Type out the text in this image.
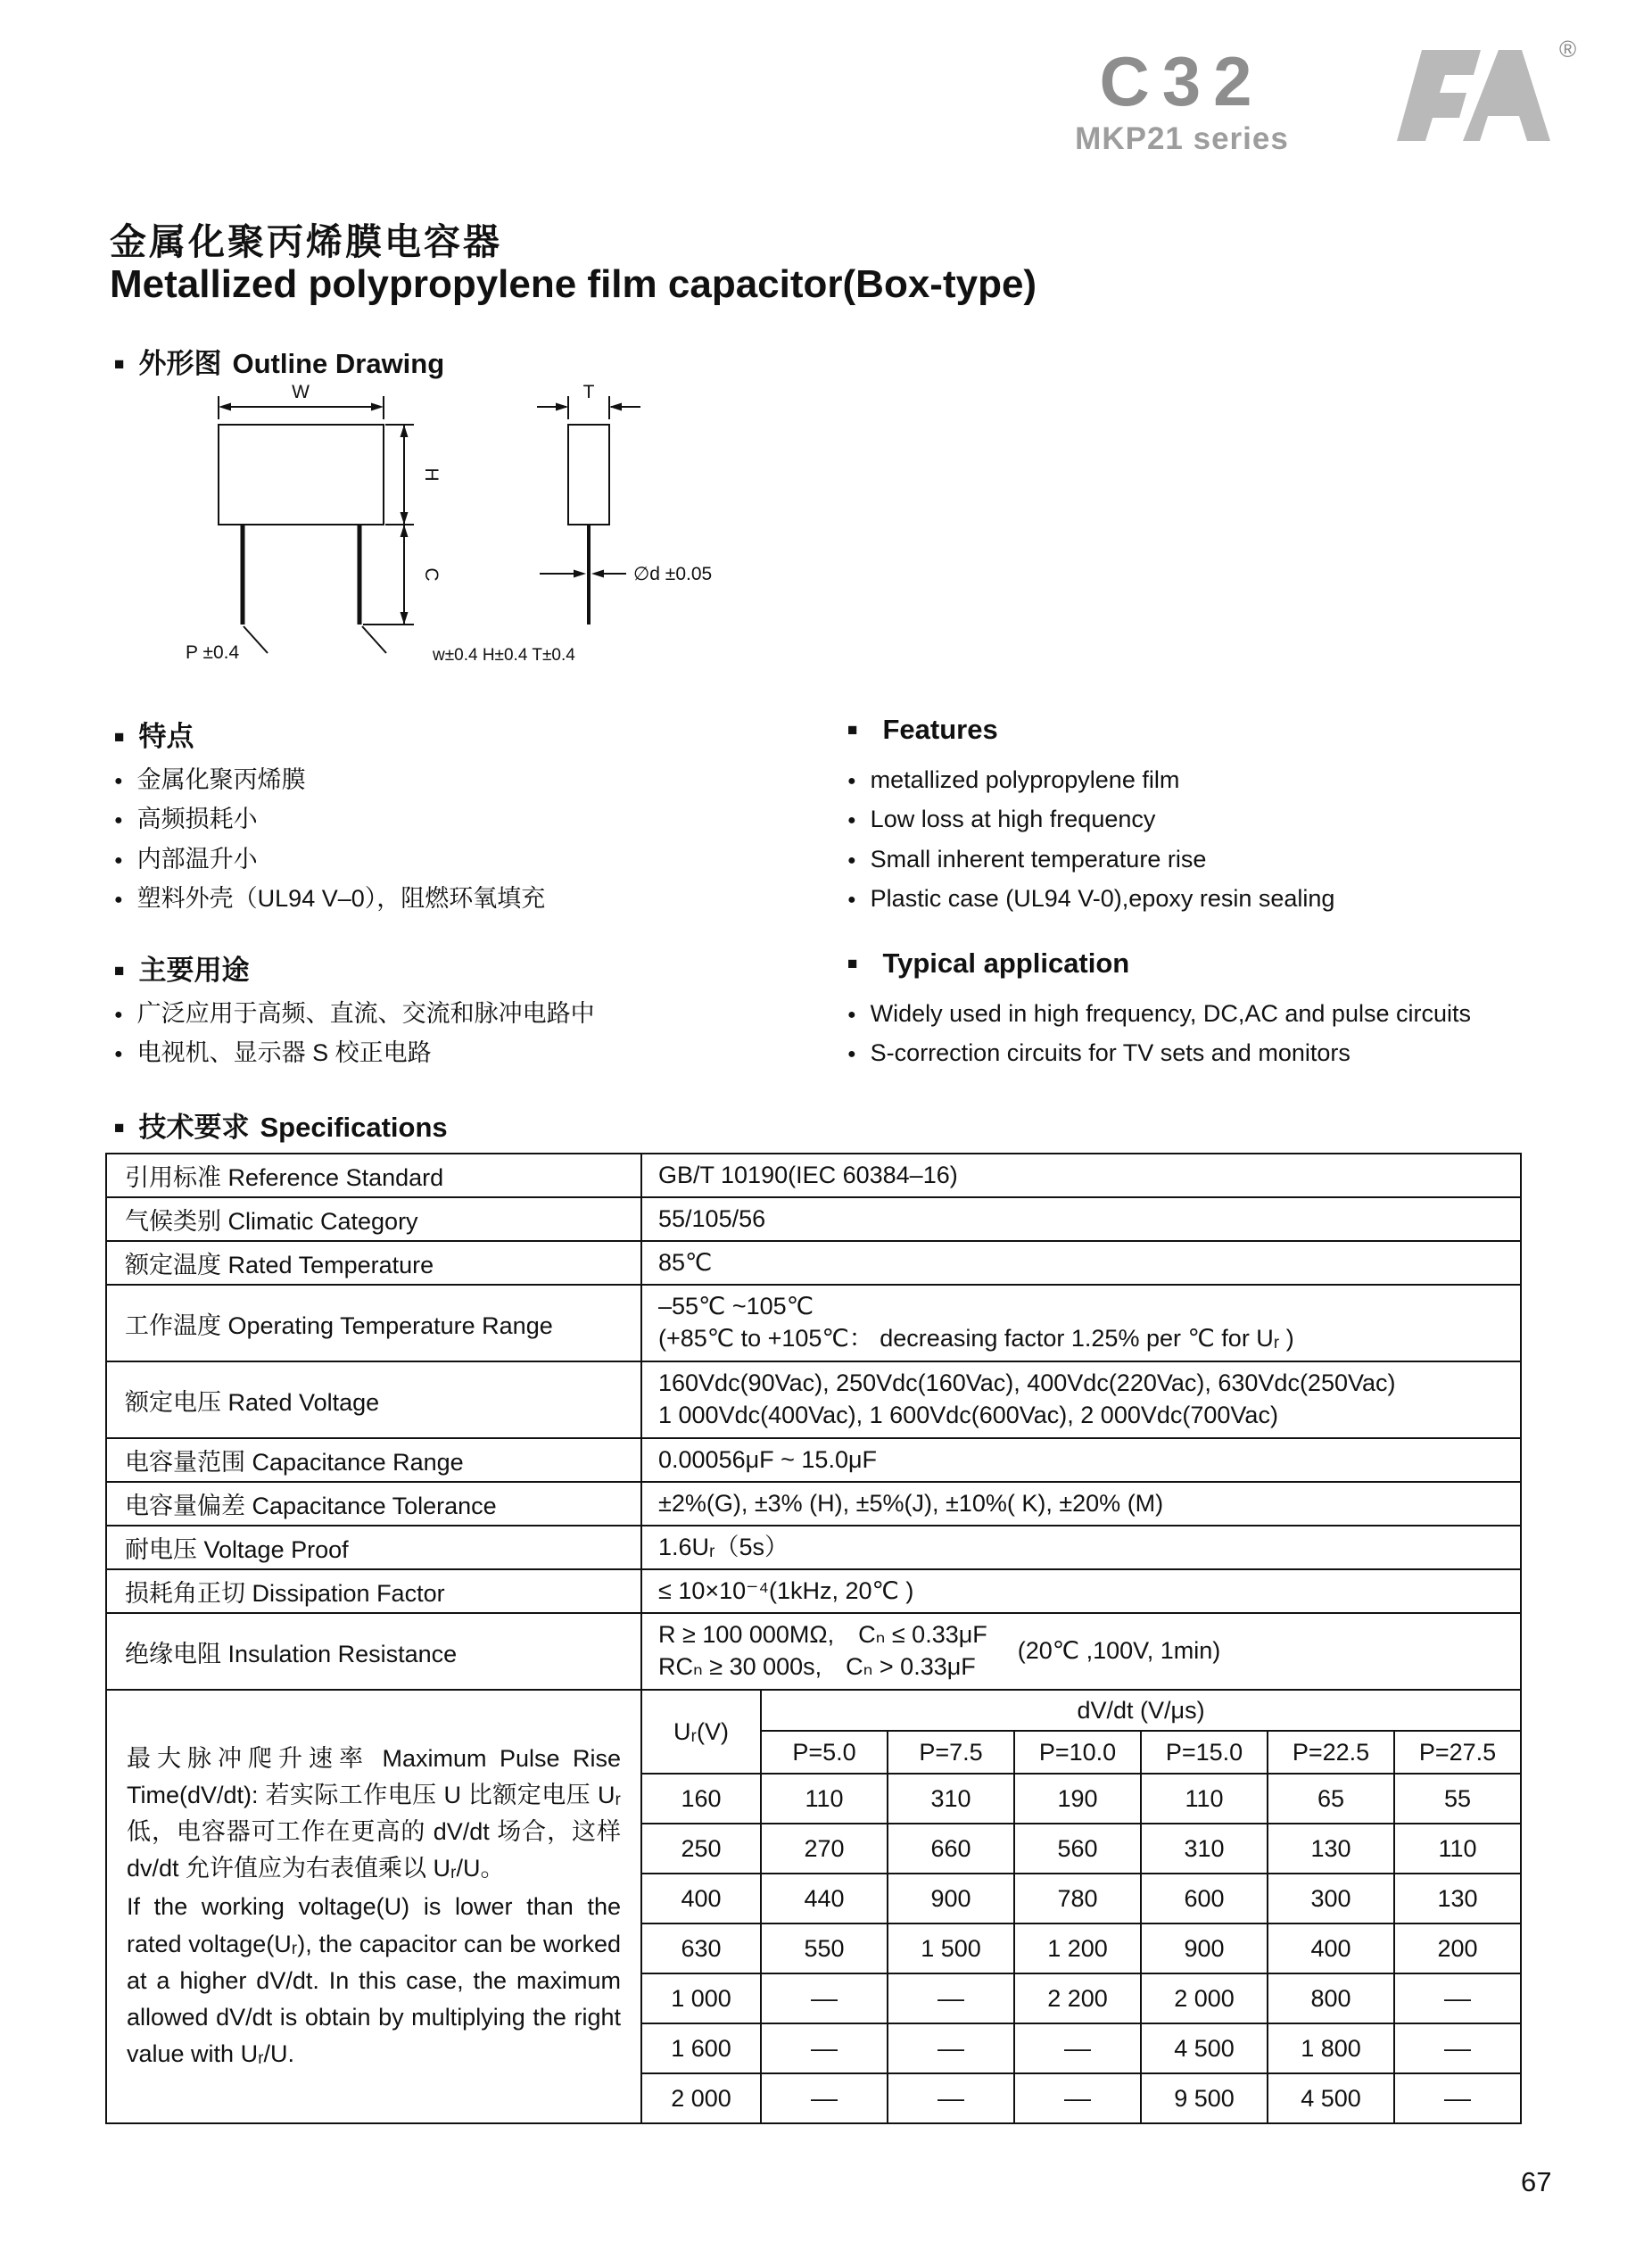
C32
MKP21 series
®
金属化聚丙烯膜电容器
Metallized polypropylene film capacitor(Box-type)
■ 外形图 Outline Drawing
W	T
H
C
P ±0.4
∅d ±0.05
w±0.4 H±0.4 T±0.4
■ 特点	■ Features
● 金属化聚丙烯膜
● 高频损耗小
● 内部温升小
● 塑料外壳（UL94 V–0），阻燃环氧填充
● metallized polypropylene film
● Low loss at high frequency
● Small inherent temperature rise
● Plastic case (UL94 V-0),epoxy resin sealing
■ 主要用途	■ Typical application
● 广泛应用于高频、直流、交流和脉冲电路中
● 电视机、显示器 S 校正电路
● Widely used in high frequency, DC,AC and pulse circuits
● S-correction circuits for TV sets and monitors
■ 技术要求 Specifications
引用标准 Reference Standard	GB/T 10190(IEC 60384–16)						
气候类别 Climatic Category	55/105/56						
额定温度 Rated Temperature	85℃						
工作温度 Operating Temperature Range	–55℃ ~105℃
(+85℃ to +105℃： decreasing factor 1.25% per ℃ for Uᵣ )						

额定电压 Rated Voltage	160Vdc(90Vac), 250Vdc(160Vac), 400Vdc(220Vac), 630Vdc(250Vac)
1 000Vdc(400Vac), 1 600Vdc(600Vac), 2 000Vdc(700Vac)						

电容量范围 Capacitance Range	0.00056μF ~ 15.0μF						
电容量偏差 Capacitance Tolerance	±2%(G), ±3% (H), ±5%(J), ±10%( K), ±20% (M)						
耐电压 Voltage Proof	1.6Uᵣ（5s）						
损耗角正切 Dissipation Factor	≤ 10×10⁻⁴(1kHz, 20℃ )						
绝缘电阻 Insulation Resistance	R ≥ 100 000MΩ,　Cₙ ≤ 0.33μF
RCₙ ≥ 30 000s,　Cₙ > 0.33μF
(20℃ ,100V, 1min)						

最大脉冲爬升速率 Maximum Pulse Rise Time(dV/dt): 若实际工作电压 U 比额定电压 Uᵣ 低，电容器可工作在更高的 dV/dt 场合，这样 dv/dt 允许值应为右表值乘以 Uᵣ/U。
If the working voltage(U) is lower than the rated voltage(Uᵣ), the capacitor can be worked at a higher dV/dt. In this case, the maximum allowed dV/dt is obtain by multiplying the right value with Uᵣ/U.	Uᵣ(V)	dV/dt (V/μs)					
		P=5.0	P=7.5	P=10.0	P=15.0	P=22.5	P=27.5
	160	110	310	190	110	65	55
	250	270	660	560	310	130	110
	400	440	900	780	600	300	130
	630	550	1 500	1 200	900	400	200
	1 000	––	––	2 200	2 000	800	––
	1 600	––	––	––	4 500	1 800	––
	2 000	––	––	––	9 500	4 500	––
67
